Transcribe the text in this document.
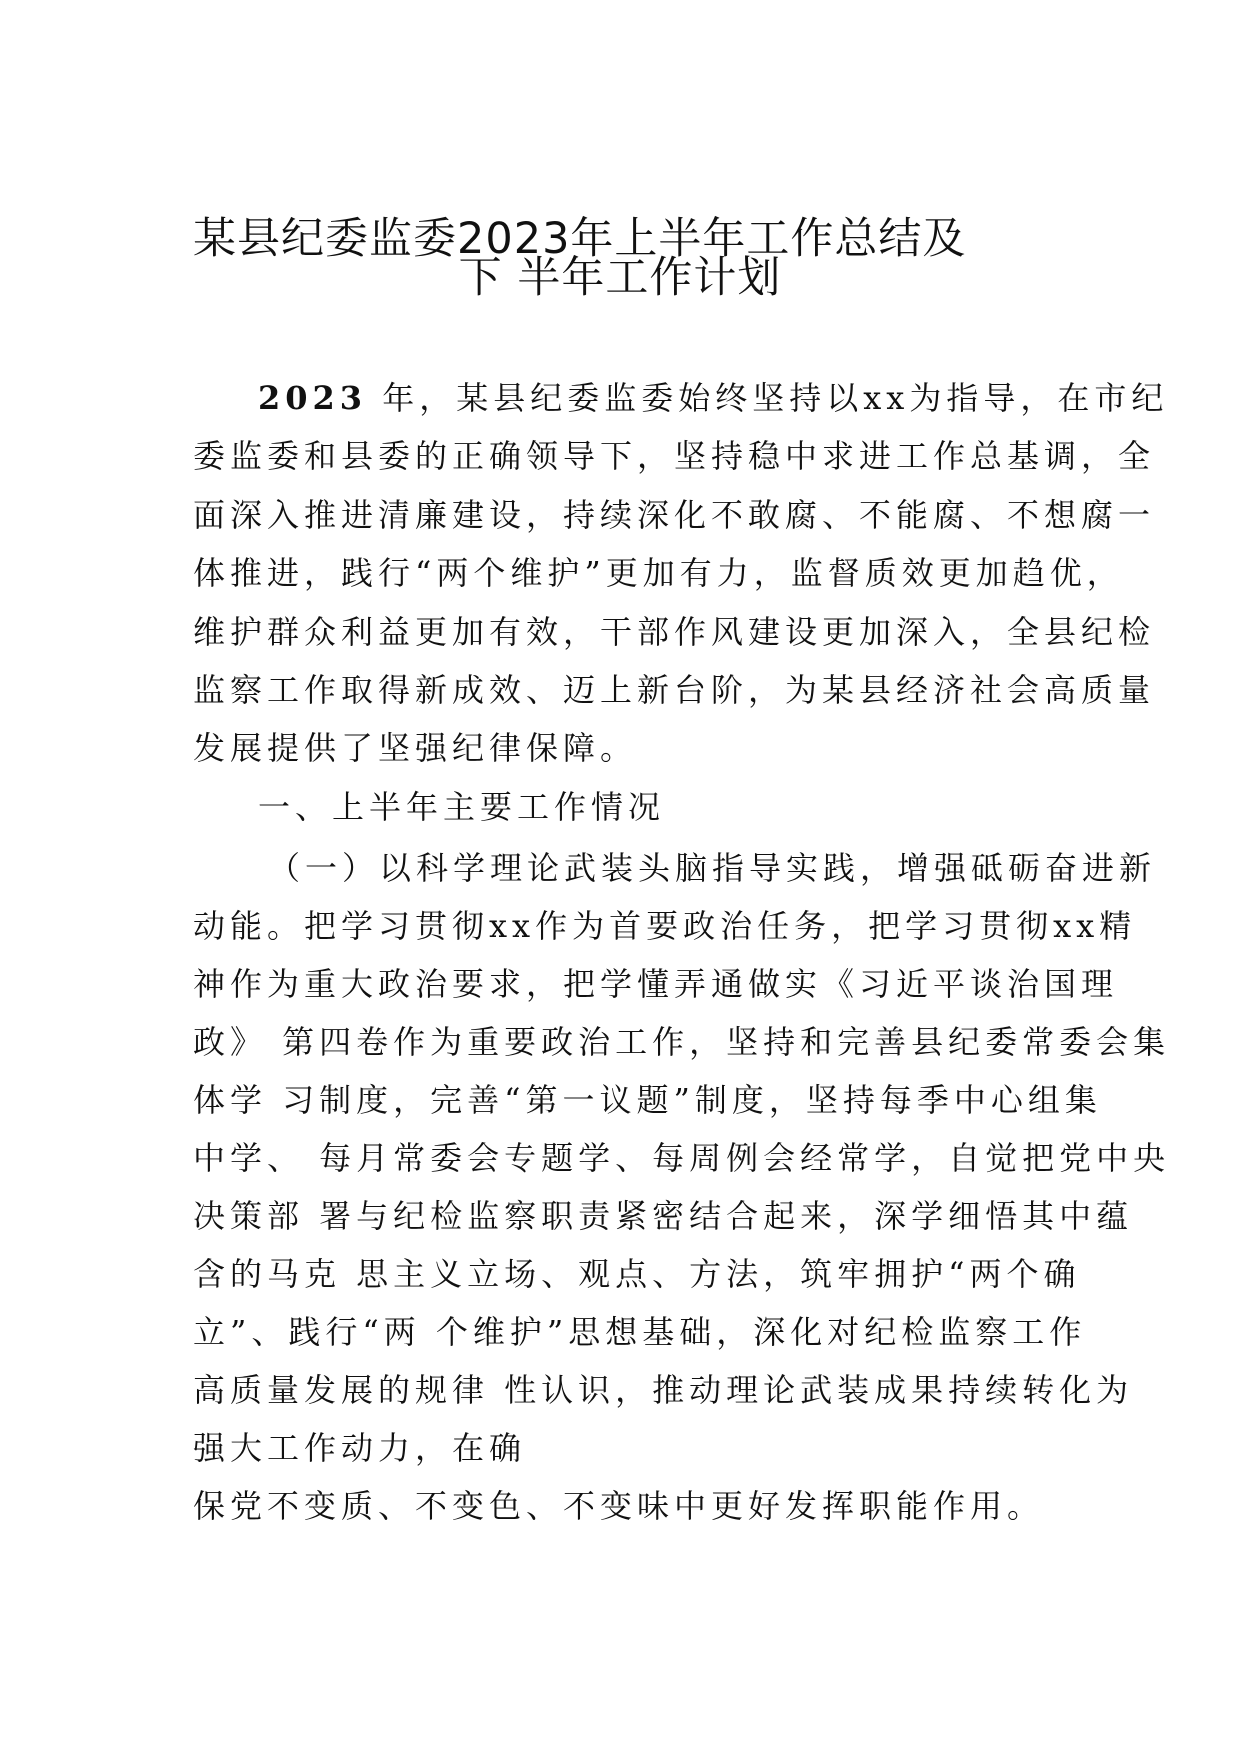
某县纪委监委2023年上半年工作总结及
下 半年工作计划
2023 年，某县纪委监委始终坚持以xx为指导，在市纪
委监委和县委的正确领导下，坚持稳中求进工作总基调，全
面深入推进清廉建设，持续深化不敢腐、不能腐、不想腐一
体推进，践行“两个维护”更加有力，监督质效更加趋优，
维护群众利益更加有效，干部作风建设更加深入，全县纪检
监察工作取得新成效、迈上新台阶，为某县经济社会高质量
发展提供了坚强纪律保障。
一、上半年主要工作情况
（一）以科学理论武装头脑指导实践，增强砥砺奋进新
动能。把学习贯彻xx作为首要政治任务，把学习贯彻xx精
神作为重大政治要求，把学懂弄通做实《习近平谈治国理
政》 第四卷作为重要政治工作，坚持和完善县纪委常委会集
体学 习制度，完善“第一议题”制度，坚持每季中心组集
中学、 每月常委会专题学、每周例会经常学，自觉把党中央
决策部 署与纪检监察职责紧密结合起来，深学细悟其中蕴
含的马克 思主义立场、观点、方法，筑牢拥护“两个确
立”、践行“两 个维护”思想基础，深化对纪检监察工作
高质量发展的规律 性认识，推动理论武装成果持续转化为
强大工作动力，在确
保党不变质、不变色、不变味中更好发挥职能作用。
